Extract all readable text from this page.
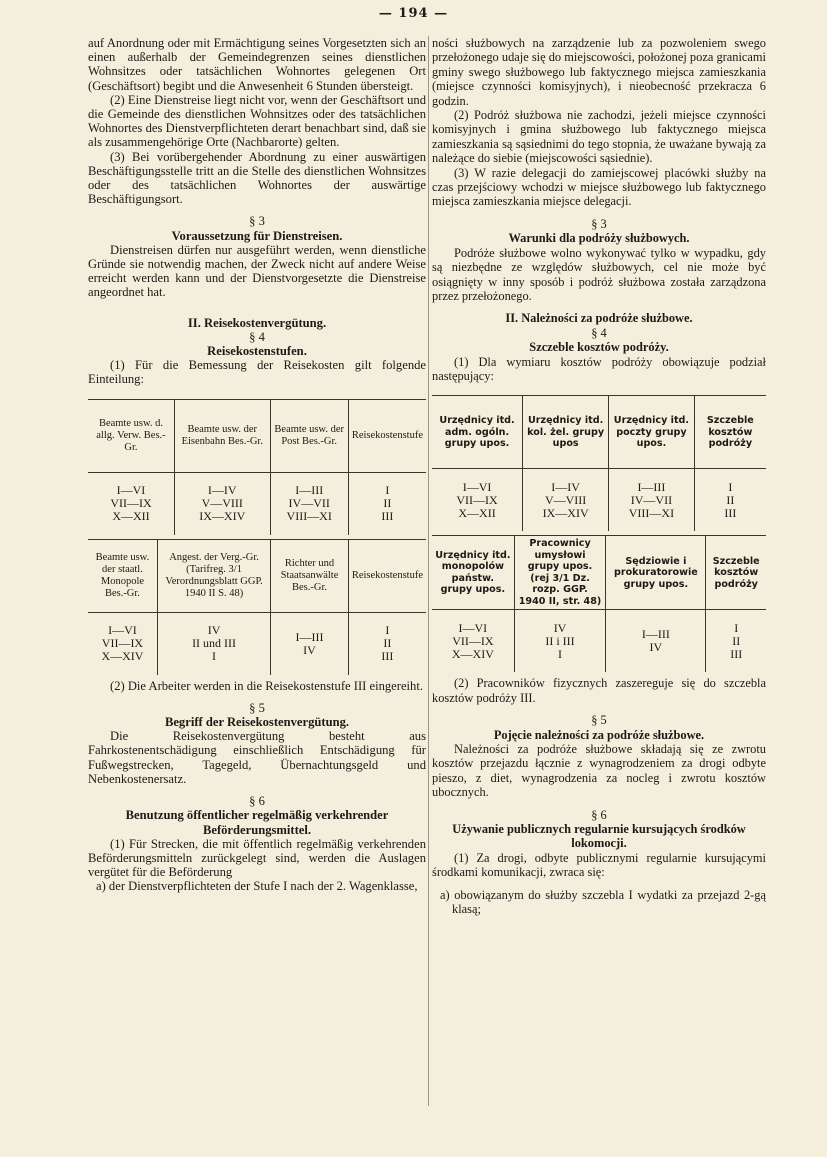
— 194 —

auf Anordnung oder mit Ermächtigung seines Vorgesetzten sich an einen außerhalb der Gemeindegrenzen seines dienstlichen Wohnsitzes oder tatsächlichen Wohnortes gelegenen Ort (Geschäftsort) begibt und die Anwesenheit 6 Stunden übersteigt.

(2) Eine Dienstreise liegt nicht vor, wenn der Geschäftsort und die Gemeinde des dienstlichen Wohnsitzes oder des tatsächlichen Wohnortes des Dienstverpflichteten derart benachbart sind, daß sie als zusammengehörige Orte (Nachbarorte) gelten.

(3) Bei vorübergehender Abordnung zu einer auswärtigen Beschäftigungsstelle tritt an die Stelle des dienstlichen Wohnsitzes oder des tatsächlichen Wohnortes der auswärtige Beschäftigungsort.

§ 3

Voraussetzung für Dienstreisen.

Dienstreisen dürfen nur ausgeführt werden, wenn dienstliche Gründe sie notwendig machen, der Zweck nicht auf andere Weise erreicht werden kann und der Dienstvorgesetzte die Dienstreise angeordnet hat.

II. Reisekostenvergütung.

§ 4

Reisekostenstufen.

(1) Für die Bemessung der Reisekosten gilt folgende Einteilung:

Beamte usw. d. allg. Verw. Bes.-Gr.	Beamte usw. der Eisenbahn Bes.-Gr.	Beamte usw. der Post Bes.-Gr.	Reisekostenstufe
I—VI
VII—IX
X—XII	I—IV
V—VIII
IX—XIV	I—III
IV—VII
VIII—XI	I
II
III
Beamte usw. der staatl. Monopole Bes.-Gr.	Angest. der Verg.-Gr. (Tarifreg. 3/1 Verordnungsblatt GGP. 1940 II S. 48)	Richter und Staatsanwälte Bes.-Gr.	Reisekostenstufe
I—VI
VII—IX
X—XIV	IV
II und III
I	I—III
IV	I
II
III

(2) Die Arbeiter werden in die Reisekostenstufe III eingereiht.

§ 5

Begriff der Reisekostenvergütung.

Die Reisekostenvergütung besteht aus Fahrkostenentschädigung einschließlich Entschädigung für Fußwegstrecken, Tagegeld, Übernachtungsgeld und Nebenkostenersatz.

§ 6

Benutzung öffentlicher regelmäßig verkehrender Beförderungsmittel.

(1) Für Strecken, die mit öffentlich regelmäßig verkehrenden Beförderungsmitteln zurückgelegt sind, werden die Auslagen vergütet für die Beförderung

a) der Dienstverpflichteten der Stufe I nach der 2. Wagenklasse,

ności służbowych na zarządzenie lub za pozwoleniem swego przełożonego udaje się do miejscowości, położonej poza granicami gminy swego służbowego lub faktycznego miejsca zamieszkania (miejsce czynności komisyjnych), i nieobecność przekracza 6 godzin.

(2) Podróż służbowa nie zachodzi, jeżeli miejsce czynności komisyjnych i gmina służbowego lub faktycznego miejsca zamieszkania są sąsiednimi do tego stopnia, że uważane bywają za należące do siebie (miejscowości sąsiednie).

(3) W razie delegacji do zamiejscowej placówki służby na czas przejściowy wchodzi w miejsce służbowego lub faktycznego miejsca zamieszkania miejsce delegacji.

§ 3

Warunki dla podróży służbowych.

Podróże służbowe wolno wykonywać tylko w wypadku, gdy są niezbędne ze względów służbowych, cel nie może być osiągnięty w inny sposób i podróż służbowa została zarządzona przez przełożonego.

II. Należności za podróże służbowe.

§ 4

Szczeble kosztów podróży.

(1) Dla wymiaru kosztów podróży obowiązuje podział następujący:

Urzędnicy itd. adm. ogóln. grupy upos.	Urzędnicy itd. kol. żel. grupy upos	Urzędnicy itd. poczty grupy upos.	Szczeble kosztów podróży
I—VI
VII—IX
X—XII	I—IV
V—VIII
IX—XIV	I—III
IV—VII
VIII—XI	I
II
III
Urzędnicy itd. monopolów państw. grupy upos.	Pracownicy umysłowi grupy upos. (rej 3/1 Dz. rozp. GGP. 1940 II, str. 48)	Sędziowie i prokuratorowie grupy upos.	Szczeble kosztów podróży
I—VI
VII—IX
X—XIV	IV
II i III
I	I—III
IV	I
II
III

(2) Pracowników fizycznych zaszereguje się do szczebla kosztów podróży III.

§ 5

Pojęcie należności za podróże służbowe.

Należności za podróże służbowe składają się ze zwrotu kosztów przejazdu łącznie z wynagrodzeniem za drogi odbyte pieszo, z diet, wynagrodzenia za nocleg i zwrotu kosztów ubocznych.

§ 6

Używanie publicznych regularnie kursujących środków lokomocji.

(1) Za drogi, odbyte publicznymi regularnie kursującymi środkami komunikacji, zwraca się:

a) obowiązanym do służby szczebla I wydatki za przejazd 2-gą klasą;
